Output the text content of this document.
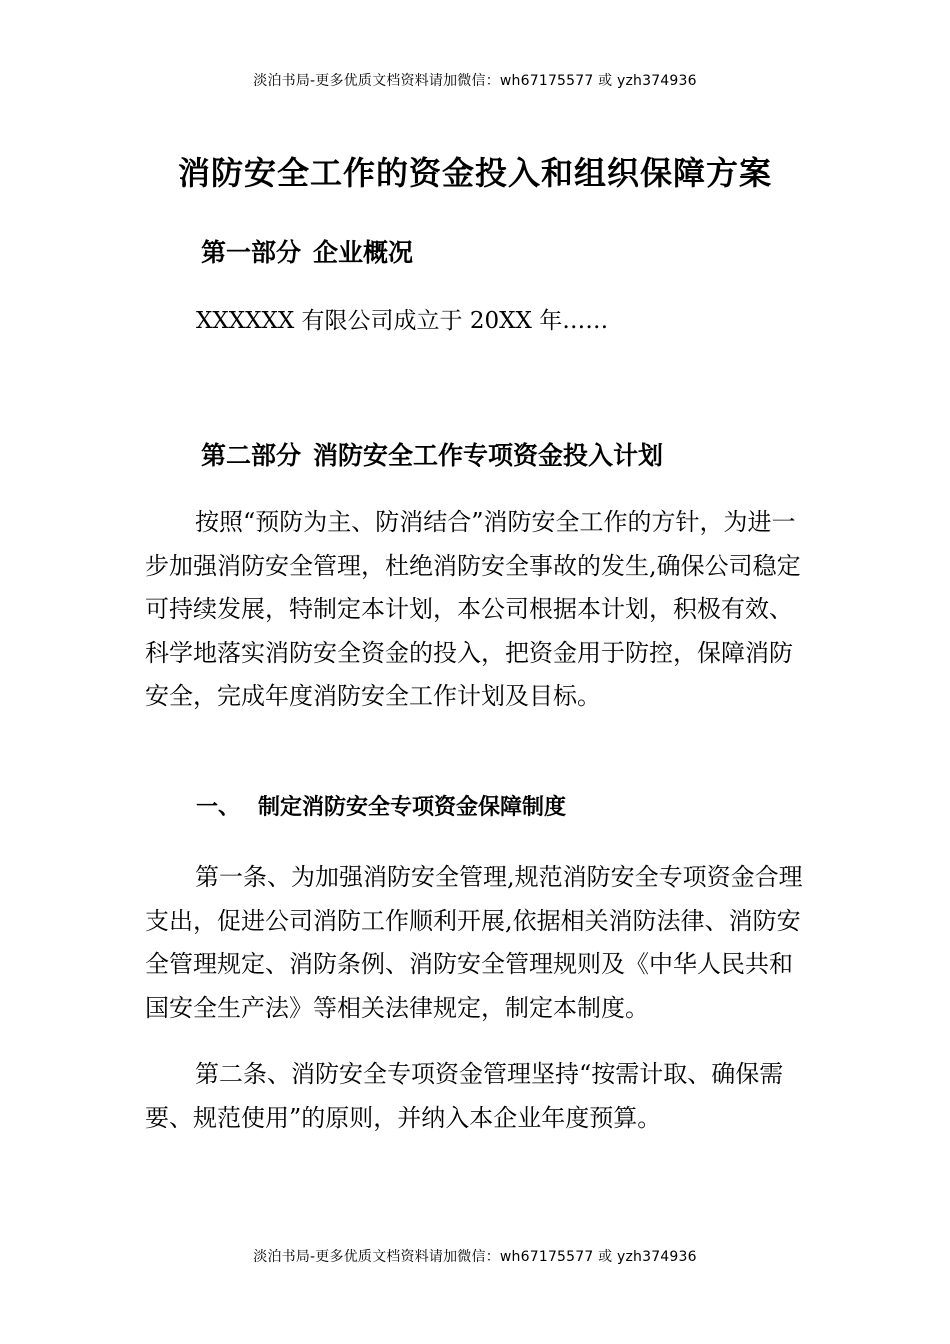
淡泊书局-更多优质文档资料请加微信：wh67175577 或 yzh374936
消防安全工作的资金投入和组织保障方案
第一部分 企业概况
XXXXXX 有限公司成立于 20XX 年……
第二部分 消防安全工作专项资金投入计划

按照“预防为主、防消结合”消防安全工作的方针，为进一步加强消防安全管理，杜绝消防安全事故的发生,确保公司稳定可持续发展，特制定本计划，本公司根据本计划，积极有效、科学地落实消防安全资金的投入，把资金用于防控，保障消防安全，完成年度消防安全工作计划及目标。

一、 制定消防安全专项资金保障制度

第一条、为加强消防安全管理,规范消防安全专项资金合理支出，促进公司消防工作顺利开展,依据相关消防法律、消防安全管理规定、消防条例、消防安全管理规则及《中华人民共和国安全生产法》等相关法律规定，制定本制度。

第二条、消防安全专项资金管理坚持“按需计取、确保需要、规范使用”的原则，并纳入本企业年度预算。

淡泊书局-更多优质文档资料请加微信：wh67175577 或 yzh374936
